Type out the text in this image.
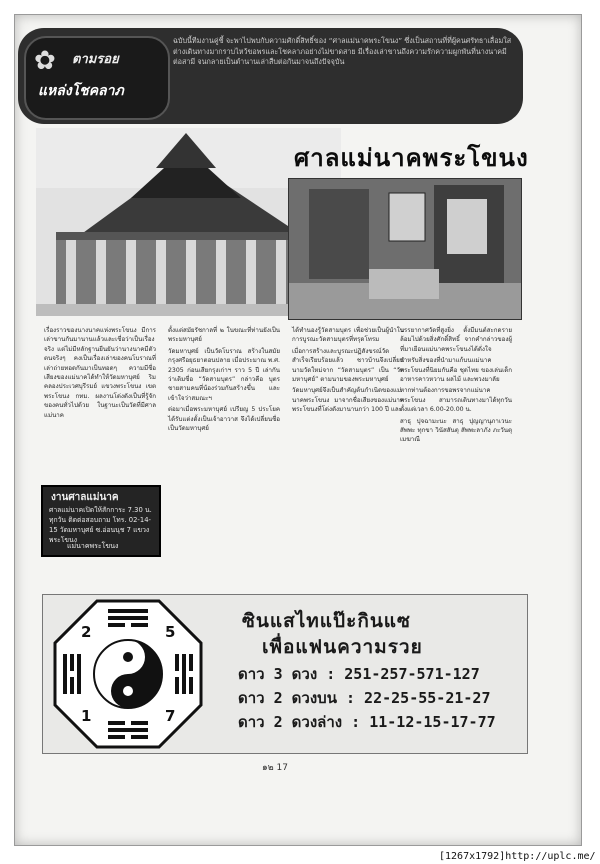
✿ ตามรอย
แหล่งโชคลาภ
ฉบับนี้ทีมงานคู่ชี้ จะพาไปพบกับความศักดิ์สิทธิ์ของ “ศาลแม่นาคพระโขนง” ซึ่งเป็นสถานที่ที่ผู้คนศรัทธาเลื่อมใส ต่างเดินทางมากราบไหว้ขอพรและโชคลาภอย่างไม่ขาดสาย มีเรื่องเล่าขานถึงความรักความผูกพันที่นางนาคมีต่อสามี จนกลายเป็นตำนานเล่าสืบต่อกันมาจนถึงปัจจุบัน
ศาลแม่นาคพระโขนง

เรื่องราวของนางนาคแห่งพระโขนง มีการเล่าขานกันมานานแล้วและเชื่อว่าเป็นเรื่องจริง แต่ไม่มีหลักฐานยืนยันว่านางนาคมีตัวตนจริงๆ คงเป็นเรื่องเล่าของคนโบราณที่เล่าถ่ายทอดกันมาเป็นทอดๆ ความมีชื่อเสียงของแม่นาคได้ทำให้วัดมหาบุศย์ ริมคลองประเวศบุรีรมย์ แขวงพระโขนง เขตพระโขนง กทม. ผลงานโด่งดังเป็นที่รู้จักของคนทั่วไปด้วย ในฐานะเป็นวัดที่มีศาลแม่นาค

ตั้งแต่สมัยรัชกาลที่ ๒ ในขณะที่ท่านยังเป็นพระมหาบุศย์

วัดมหาบุศย์ เป็นวัดโบราณ สร้างในสมัยกรุงศรีอยุธยาตอนปลาย เมื่อประมาณ พ.ศ. 2305 ก่อนเสียกรุงเก่าฯ ราว 5 ปี เล่ากันว่าเดิมชื่อ “วัดสามบุตร” กล่าวคือ บุตรชายสามคนที่น้องร่วมกันสร้างขึ้น และเข้าใจว่าสมณะฯ

ต่อมาเมื่อพระมหาบุศย์ เปรียญ 5 ประโยค ได้รับแต่งตั้งเป็นเจ้าอาวาส จึงได้เปลี่ยนชื่อเป็นวัดมหาบุศย์

ได้ทำนองรู้วัดสามบุตร เพื่อช่วยเป็นผู้นำในการบูรณะวัดสามบุตรที่ทรุดโทรม

เมื่อการสร้างและบูรณะปฏิสังขรณ์วัดสำเร็จเรียบร้อยแล้ว ชาวบ้านจึงเปลี่ยนนามวัดใหม่จาก “วัดสามบุตร” เป็น “วัดมหาบุศย์” ตามนามของพระมหาบุศย์

วัดมหาบุศย์จึงเป็นสำคัญต้นกำเนิดของแม่นาคพระโขนง มาจากชื่อเสียงของแม่นาคพระโขนงที่โด่งดังมานานกว่า 100 ปี และ

บรรยากาศวัดที่สูงยิ่ง ตั้งมีมนต์สะกดรายล้อมไปด้วยสิ่งศักดิ์สิทธิ์ จากคำกล่าวของผู้ที่มาเยือนแม่นาคพระโขนงได้ดั่งใจ

สำหรับสิ่งของที่นำมาแก้บนแม่นาคพระโขนงที่นิยมกันคือ ชุดไทย ของเล่นเด็ก อาหารคาวหวาน ผลไม้ และพวงมาลัย

หากท่านต้องการขอพรจากแม่นาคพระโขนง สามารถเดินทางมาได้ทุกวัน ตั้งแต่เวลา 6.00-20.00 น.

สาธุ ปุจฉามะนะ สาธุ ปุญญานุภาเวนะ สัพพะ ทุกขา วินัสสันตุ สัพพะลาภัง ภะวันตุ เมฆาณี

งานศาลแม่นาค
ศาลแม่นาคเปิดให้สักการะ 7.30 น. ทุกวัน ติดต่อสอบถาม โทร. 02-14-15 วัดมหาบุศย์ ซ.อ่อนนุช 7 แขวงพระโขนง
แม่นาคพระโขนง
2	5
1	7
ซินแสไทแป๊ะกินแซ
เพื่อแฟนความรวย
ดาว 3 ดวง : 251-257-571-127
ดาว 2 ดวงบน : 22-25-55-21-27
ดาว 2 ดวงล่าง : 11-12-15-17-77
๑๒ 17
[1267x1792]http://uplc.me/
